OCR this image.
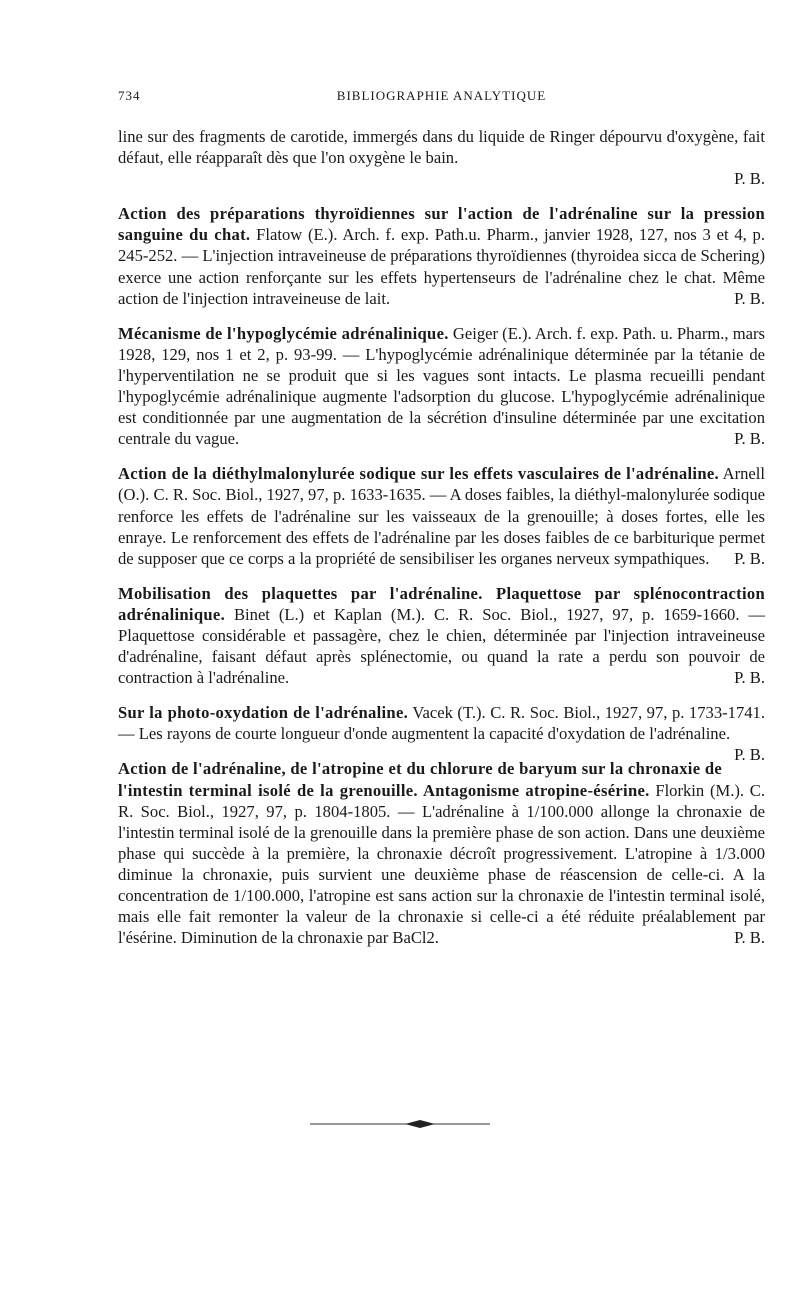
734	BIBLIOGRAPHIE ANALYTIQUE

line sur des fragments de carotide, immergés dans du liquide de Ringer dépourvu d'oxygène, fait défaut, elle réapparaît dès que l'on oxygène le bain.

P. B.

Action des préparations thyroïdiennes sur l'action de l'adrénaline sur la pression sanguine du chat. Flatow (E.). Arch. f. exp. Path.u. Pharm., janvier 1928, 127, nos 3 et 4, p. 245-252. — L'injection intraveineuse de préparations thyroïdiennes (thyroidea sicca de Schering) exerce une action renforçante sur les effets hypertenseurs de l'adrénaline chez le chat. Même action de l'injection intraveineuse de lait.	P. B.

Mécanisme de l'hypoglycémie adrénalinique. Geiger (E.). Arch. f. exp. Path. u. Pharm., mars 1928, 129, nos 1 et 2, p. 93-99. — L'hypoglycémie adrénalinique déterminée par la tétanie de l'hyperventilation ne se produit que si les vagues sont intacts. Le plasma recueilli pendant l'hypoglycémie adrénalinique augmente l'adsorption du glucose. L'hypoglycémie adrénalinique est conditionnée par une augmentation de la sécrétion d'insuline déterminée par une excitation centrale du vague.	P. B.

Action de la diéthylmalonylurée sodique sur les effets vasculaires de l'adrénaline. Arnell (O.). C. R. Soc. Biol., 1927, 97, p. 1633-1635. — A doses faibles, la diéthyl-malonylurée sodique renforce les effets de l'adrénaline sur les vaisseaux de la grenouille; à doses fortes, elle les enraye. Le renforcement des effets de l'adrénaline par les doses faibles de ce barbiturique permet de supposer que ce corps a la propriété de sensibiliser les organes nerveux sympathiques. P. B.

Mobilisation des plaquettes par l'adrénaline. Plaquettose par splénocontraction adrénalinique. Binet (L.) et Kaplan (M.). C. R. Soc. Biol., 1927, 97, p. 1659-1660. — Plaquettose considérable et passagère, chez le chien, déterminée par l'injection intraveineuse d'adrénaline, faisant défaut après splénectomie, ou quand la rate a perdu son pouvoir de contraction à l'adrénaline.	P. B.

Sur la photo-oxydation de l'adrénaline. Vacek (T.). C. R. Soc. Biol., 1927, 97, p. 1733-1741. — Les rayons de courte longueur d'onde augmentent la capacité d'oxydation de l'adrénaline.
P. B.

Action de l'adrénaline, de l'atropine et du chlorure de baryum sur la chronaxie de l'intestin terminal isolé de la grenouille. Antagonisme atropine-ésérine. Florkin (M.). C. R. Soc. Biol., 1927, 97, p. 1804-1805. — L'adrénaline à 1/100.000 allonge la chronaxie de l'intestin terminal isolé de la grenouille dans la première phase de son action. Dans une deuxième phase qui succède à la première, la chronaxie décroît progressivement. L'atropine à 1/3.000 diminue la chronaxie, puis survient une deuxième phase de réascension de celle-ci. A la concentration de 1/100.000, l'atropine est sans action sur la chronaxie de l'intestin terminal isolé, mais elle fait remonter la valeur de la chronaxie si celle-ci a été réduite préalablement par l'ésérine. Diminution de la chronaxie par BaCl2.	P. B.
